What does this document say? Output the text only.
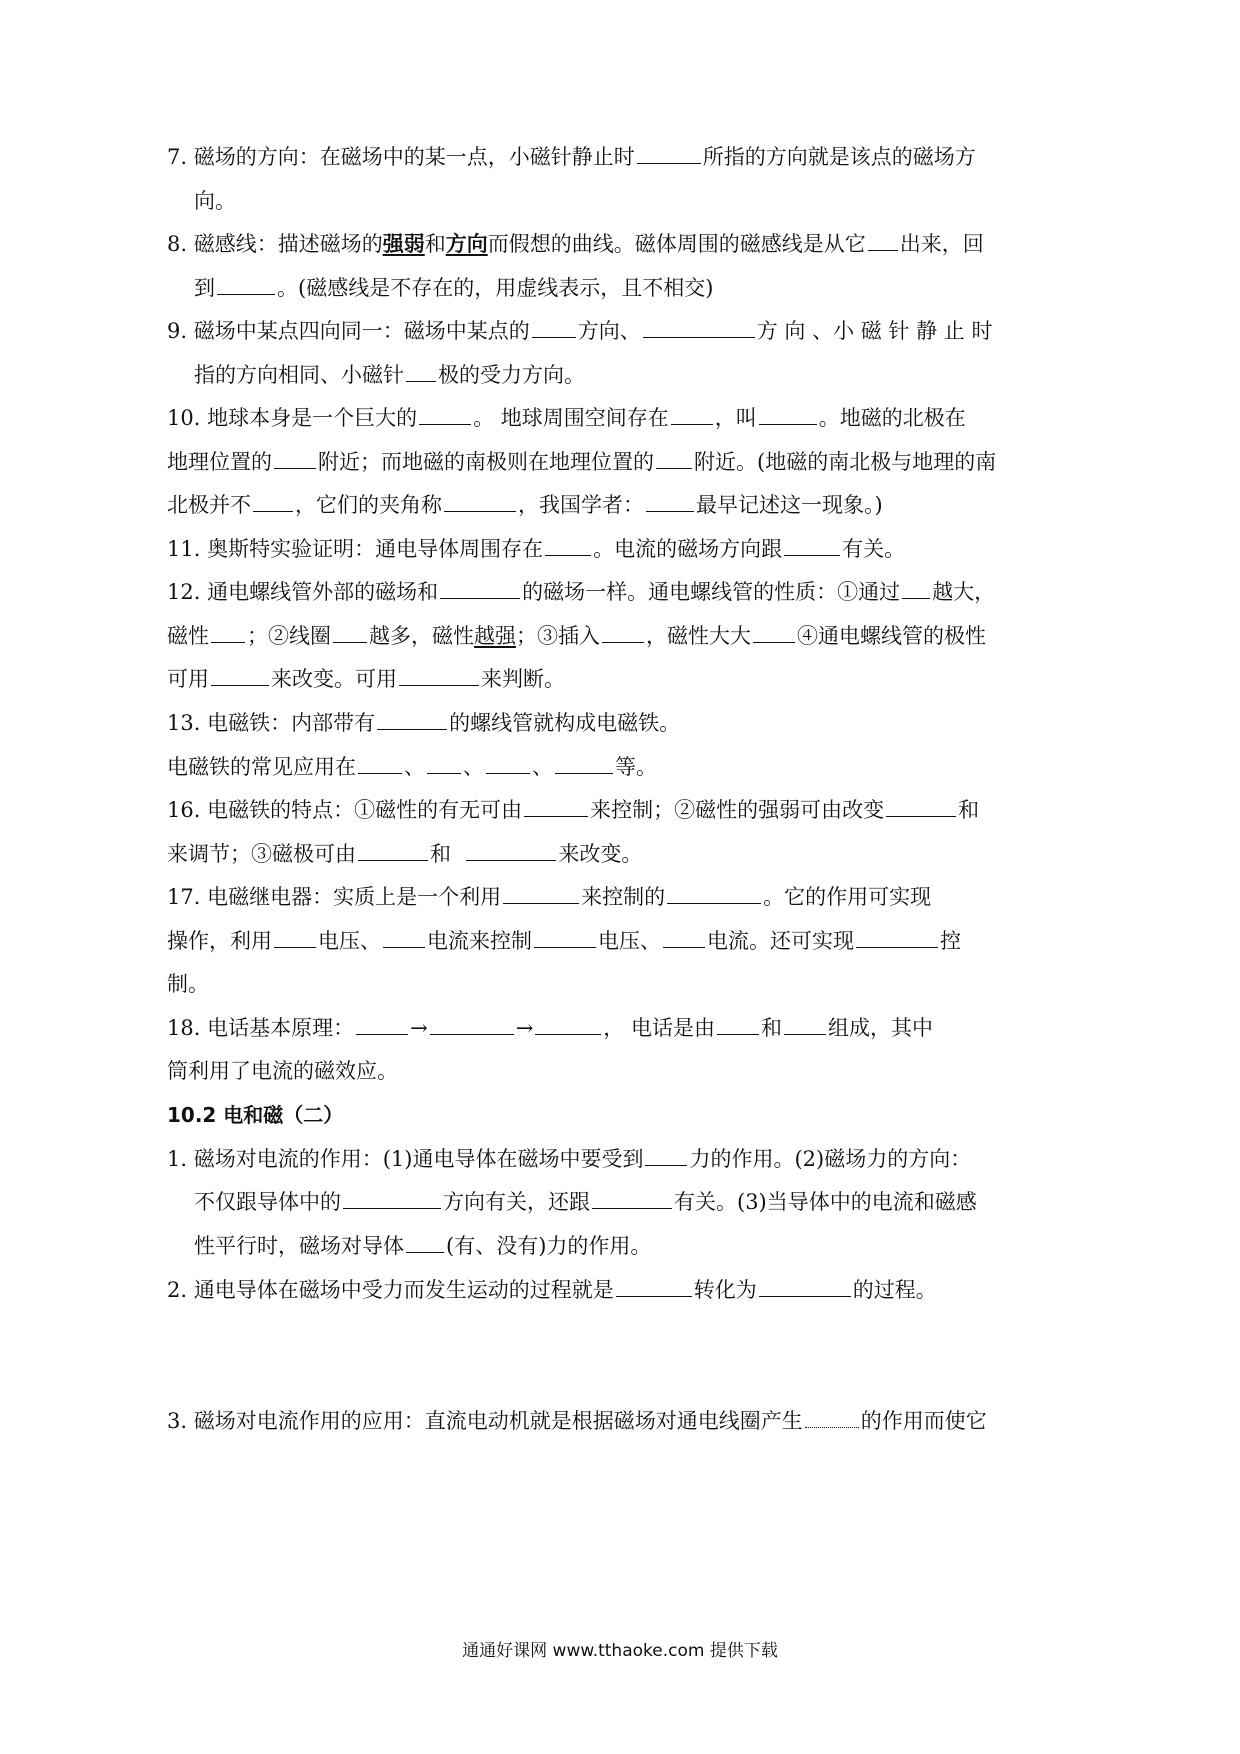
7. 磁场的方向：在磁场中的某一点，小磁针静止时	所指的方向就是该点的磁场方
向。
8. 磁感线：描述磁场的强弱和方向而假想的曲线。磁体周围的磁感线是从它 出来，回
到	。(磁感线是不存在的，用虚线表示，且不相交)
9. 磁场中某点四向同一：磁场中某点的 方向、	方 向 、小 磁 针 静 止 时
指的方向相同、小磁针 极的受力方向。
10. 地球本身是一个巨大的	。 地球周围空间存在 ，叫	。地磁的北极在
地理位置的 附近；而地磁的南极则在地理位置的 附近。(地磁的南北极与地理的南
北极并不 ，它们的夹角称	，我国学者： 最早记述这一现象。)
11. 奥斯特实验证明：通电导体周围存在 。电流的磁场方向跟	有关。
12. 通电螺线管外部的磁场和	的磁场一样。通电螺线管的性质：①通过 越大，
磁性 ；②线圈 越多，磁性越强；③插入 ，磁性大大 ④通电螺线管的极性
可用	来改变。可用	来判断。
13. 电磁铁：内部带有	的螺线管就构成电磁铁。
电磁铁的常见应用在 、 、 、	等。
16. 电磁铁的特点：①磁性的有无可由	来控制；②磁性的强弱可由改变	和
来调节；③磁极可由	和	来改变。
17. 电磁继电器：实质上是一个利用	来控制的	。它的作用可实现
操作，利用 电压、 电流来控制	电压、 电流。还可实现	控
制。
18. 电话基本原理：	→	→	， 电话是由 和 组成，其中
筒利用了电流的磁效应。
10.2 电和磁（二）
1. 磁场对电流的作用：(1)通电导体在磁场中要受到 力的作用。(2)磁场力的方向：
不仅跟导体中的	方向有关，还跟	有关。(3)当导体中的电流和磁感
性平行时，磁场对导体 (有、没有)力的作用。
2. 通电导体在磁场中受力而发生运动的过程就是	转化为	的过程。
3. 磁场对电流作用的应用：直流电动机就是根据磁场对通电线圈产生	的作用而使它
通通好课网 www.tthaoke.com 提供下载
